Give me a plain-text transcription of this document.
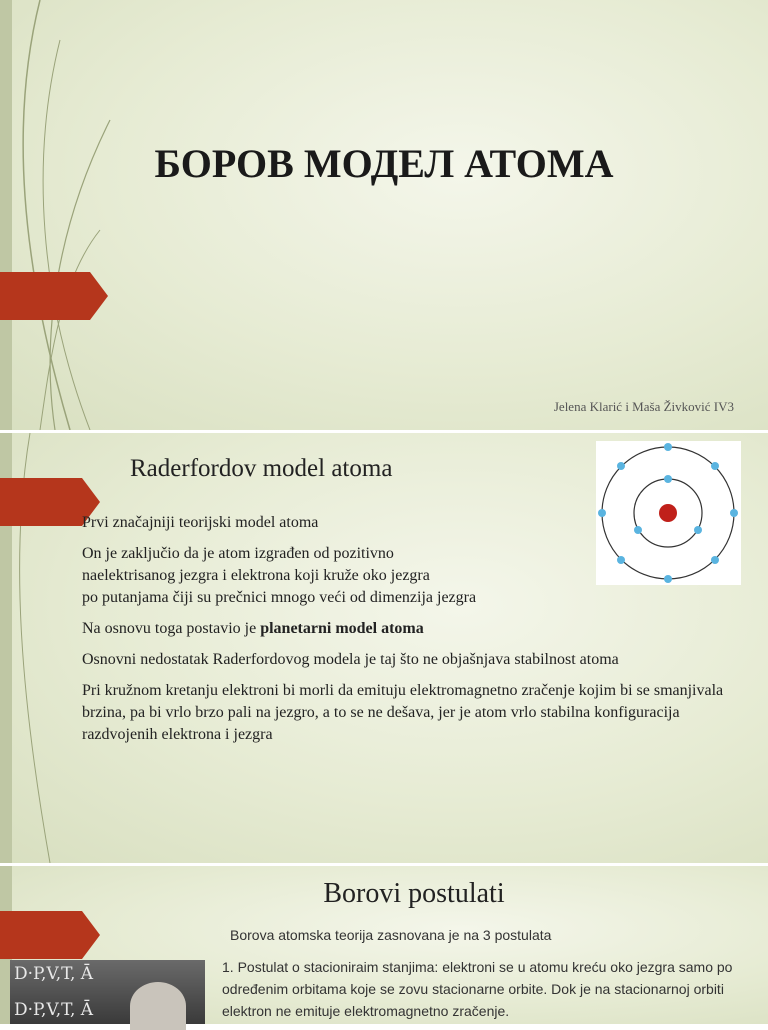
БОРОВ МОДЕЛ АТОМА
Jelena Klarić i Maša Živković IV3
Raderfordov model atoma
Prvi značajniji teorijski model atoma
On je zaključio da je atom izgrađen od pozitivno
naelektrisanog jezgra i elektrona koji kruže oko jezgra
po putanjama čiji su prečnici mnogo veći od dimenzija jezgra
Na osnovu toga postavio je planetarni model atoma
Osnovni nedostatak Raderfordovog modela je taj što ne objašnjava stabilnost atoma
Pri kružnom kretanju elektroni bi morli da emituju elektromagnetno zračenje kojim bi se smanjivala brzina, pa bi vrlo brzo pali na jezgro, a to se ne dešava, jer je atom vrlo stabilna konfiguracija razdvojenih elektrona i jezgra
Borovi postulati
Borova atomska teorija zasnovana je na 3 postulata
1. Postulat o stacioniraim stanjima: elektroni se u atomu kreću oko jezgra samo po određenim orbitama koje se zovu stacionarne orbite. Dok je na stacionarnoj orbiti elektron ne emituje elektromagnetno zračenje.
D·P,V,T, Ā
D·P,V,T, Ā
